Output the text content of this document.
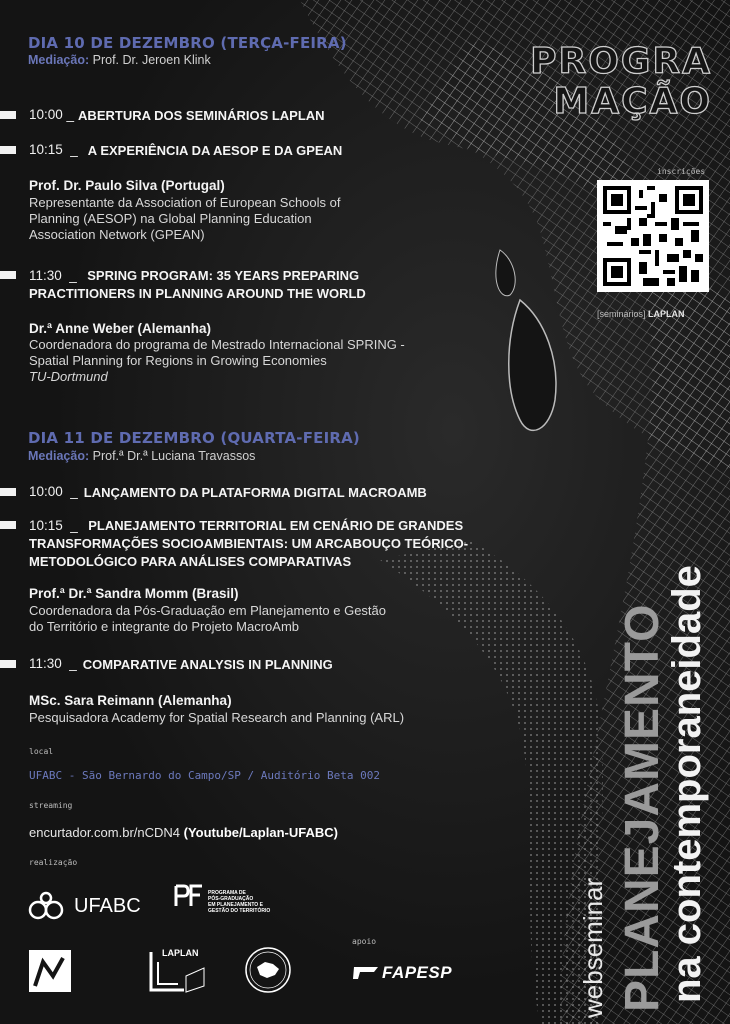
PROGRA
MAÇÃO
inscrições
[seminários] LAPLAN
DIA 10 DE DEZEMBRO (TERÇA-FEIRA)
Mediação: Prof. Dr. Jeroen Klink
10:00 _ ABERTURA DOS SEMINÁRIOS LAPLAN
10:15  _ A EXPERIÊNCIA DA AESOP E DA GPEAN
Prof. Dr. Paulo Silva (Portugal)
Representante da Association of European Schools of Planning (AESOP) na Global Planning Education Association Network (GPEAN)
11:30  _ SPRING PROGRAM: 35 YEARS PREPARING PRACTITIONERS IN PLANNING AROUND THE WORLD
Dr.ª Anne Weber (Alemanha)
Coordenadora do programa de Mestrado Internacional SPRING - Spatial Planning for Regions in Growing Economies
TU-Dortmund
DIA 11 DE DEZEMBRO (QUARTA-FEIRA)
Mediação: Prof.ª Dr.ª Luciana Travassos
10:00  _ LANÇAMENTO DA PLATAFORMA DIGITAL MACROAMB
10:15  _ PLANEJAMENTO TERRITORIAL EM CENÁRIO DE GRANDES TRANSFORMAÇÕES SOCIOAMBIENTAIS: UM ARCABOUÇO TEÓRICO-METODOLÓGICO PARA ANÁLISES COMPARATIVAS
Prof.ª Dr.ª Sandra Momm (Brasil)
Coordenadora da Pós-Graduação em Planejamento e Gestão do Território e integrante do Projeto MacroAmb
11:30  _ COMPARATIVE ANALYSIS IN PLANNING
MSc. Sara Reimann (Alemanha)
Pesquisadora Academy for Spatial Research and Planning (ARL)
local
UFABC - São Bernardo do Campo/SP / Auditório Beta 002
streaming
encurtador.com.br/nCDN4 (Youtube/Laplan-UFABC)
realização
UFABC
PROGRAMA DE
PÓS-GRADUAÇÃO
EM PLANEJAMENTO E
GESTÃO DO TERRITÓRIO
LAPLAN
apoio
FAPESP	webseminar PLANEJAMENTO
na contemporaneidade
